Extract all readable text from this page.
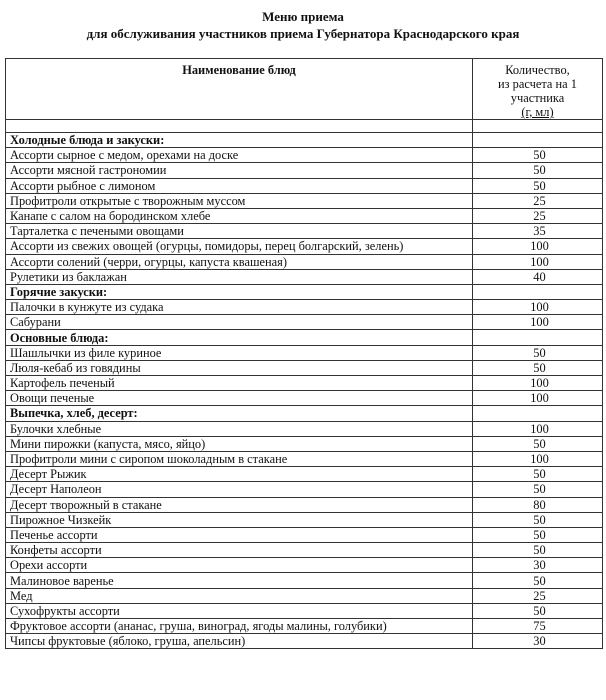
Меню приема
для обслуживания участников приема Губернатора Краснодарского края
Наименование блюд	Количество,
из расчета на 1
участника
(г, мл)

Холодные блюда и закуски:	
Ассорти сырное с медом, орехами на доске	50
Ассорти мясной гастрономии	50
Ассорти рыбное с лимоном	50
Профитроли открытые с творожным муссом	25
Канапе с салом на бородинском хлебе	25
Тарталетка с печеными овощами	35
Ассорти из свежих овощей (огурцы, помидоры, перец болгарский, зелень)	100
Ассорти солений (черри, огурцы, капуста квашеная)	100
Рулетики из баклажан	40
Горячие закуски:	
Палочки в кунжуте из судака	100
Сабурани	100
Основные блюда:	
Шашлычки из филе куриное	50
Люля-кебаб из говядины	50
Картофель печеный	100
Овощи печеные	100
Выпечка, хлеб, десерт:	
Булочки хлебные	100
Мини пирожки (капуста, мясо, яйцо)	50
Профитроли мини с сиропом шоколадным в стакане	100
Десерт Рыжик	50
Десерт Наполеон	50
Десерт творожный в стакане	80
Пирожное Чизкейк	50
Печенье ассорти	50
Конфеты ассорти	50
Орехи ассорти	30
Малиновое варенье	50
Мед	25
Сухофрукты ассорти	50
Фруктовое ассорти (ананас, груша, виноград, ягоды малины, голубики)	75
Чипсы фруктовые (яблоко, груша, апельсин)	30
